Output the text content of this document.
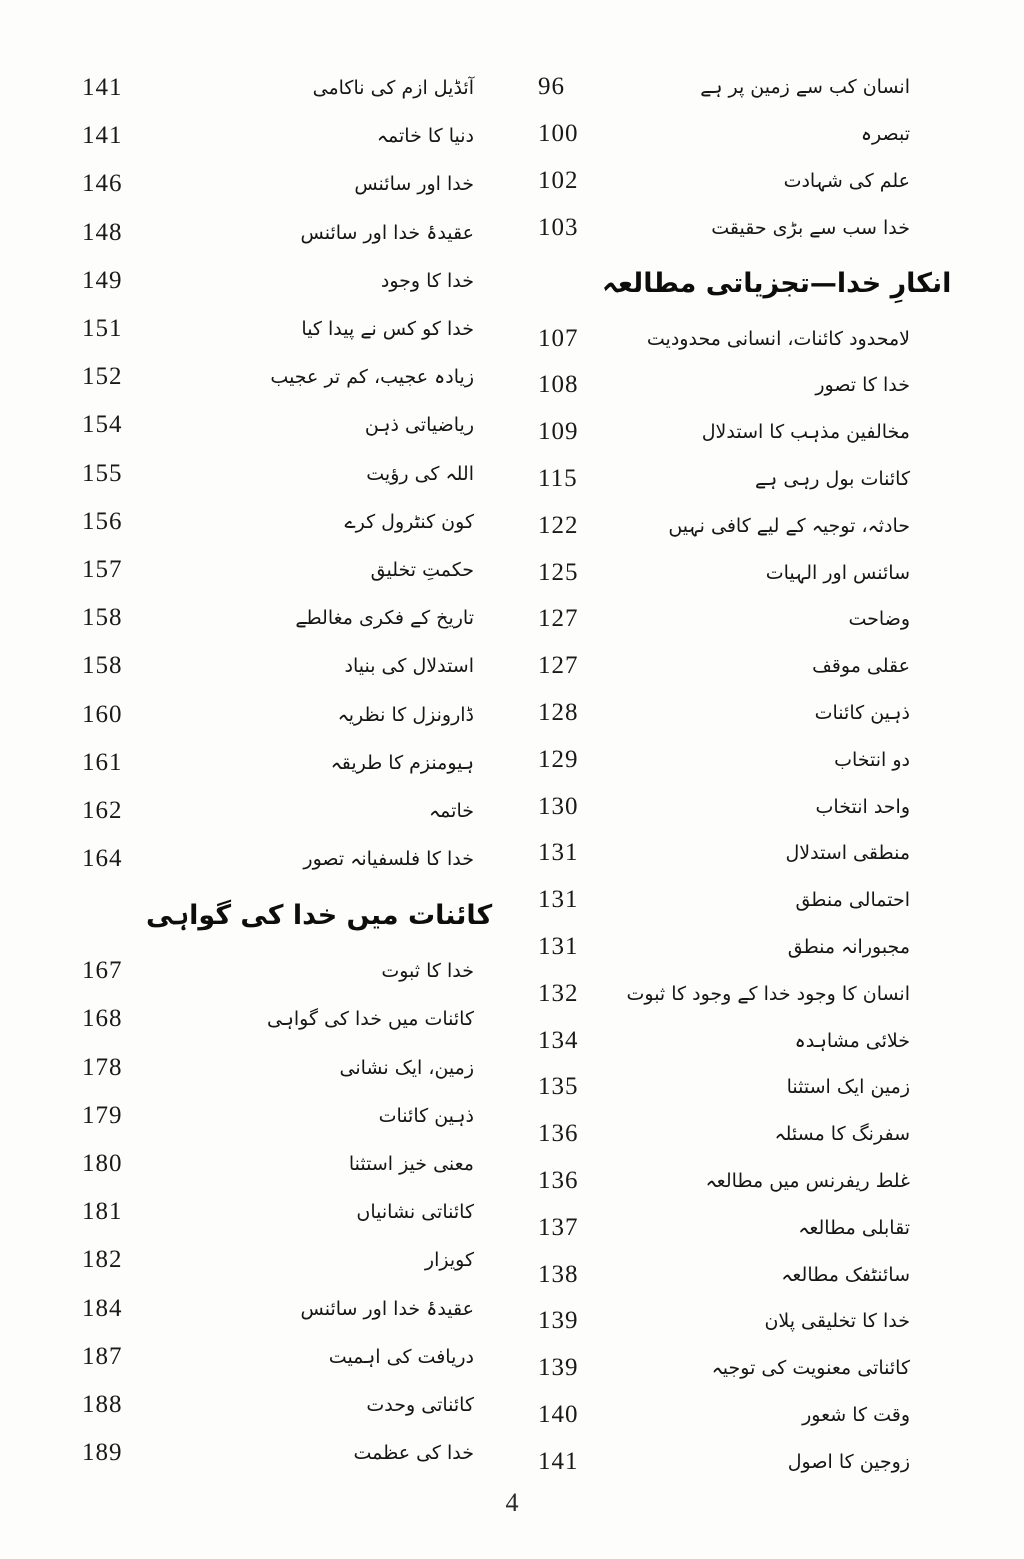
141	آئڈیل ازم کی ناکامی
141	دنیا کا خاتمہ
146	خدا اور سائنس
148	عقیدۂ خدا اور سائنس
149	خدا کا وجود
151	خدا کو کس نے پیدا کیا
152	زیادہ عجیب، کم تر عجیب
154	ریاضیاتی ذہن
155	اللہ کی رؤیت
156	کون کنٹرول کرے
157	حکمتِ تخلیق
158	تاریخ کے فکری مغالطے
158	استدلال کی بنیاد
160	ڈارونزل کا نظریہ
161	ہیومنزم کا طریقہ
162	خاتمہ
164	خدا کا فلسفیانہ تصور
کائنات میں خدا کی گواہی
167	خدا کا ثبوت
168	کائنات میں خدا کی گواہی
178	زمین، ایک نشانی
179	ذہین کائنات
180	معنی خیز استثنا
181	کائناتی نشانیاں
182	کویزار
184	عقیدۂ خدا اور سائنس
187	دریافت کی اہمیت
188	کائناتی وحدت
189	خدا کی عظمت
96	انسان کب سے زمین پر ہے
100	تبصرہ
102	علم کی شہادت
103	خدا سب سے بڑی حقیقت
انکارِ خدا—تجزیاتی مطالعہ
107	لامحدود کائنات، انسانی محدودیت
108	خدا کا تصور
109	مخالفین مذہب کا استدلال
115	کائنات بول رہی ہے
122	حادثہ، توجیہ کے لیے کافی نہیں
125	سائنس اور الہیات
127	وضاحت
127	عقلی موقف
128	ذہین کائنات
129	دو انتخاب
130	واحد انتخاب
131	منطقی استدلال
131	احتمالی منطق
131	مجبورانہ منطق
132	انسان کا وجود خدا کے وجود کا ثبوت
134	خلائی مشاہدہ
135	زمین ایک استثنا
136	سفرنگ کا مسئلہ
136	غلط ریفرنس میں مطالعہ
137	تقابلی مطالعہ
138	سائنٹفک مطالعہ
139	خدا کا تخلیقی پلان
139	کائناتی معنویت کی توجیہ
140	وقت کا شعور
141	زوجین کا اصول
4
